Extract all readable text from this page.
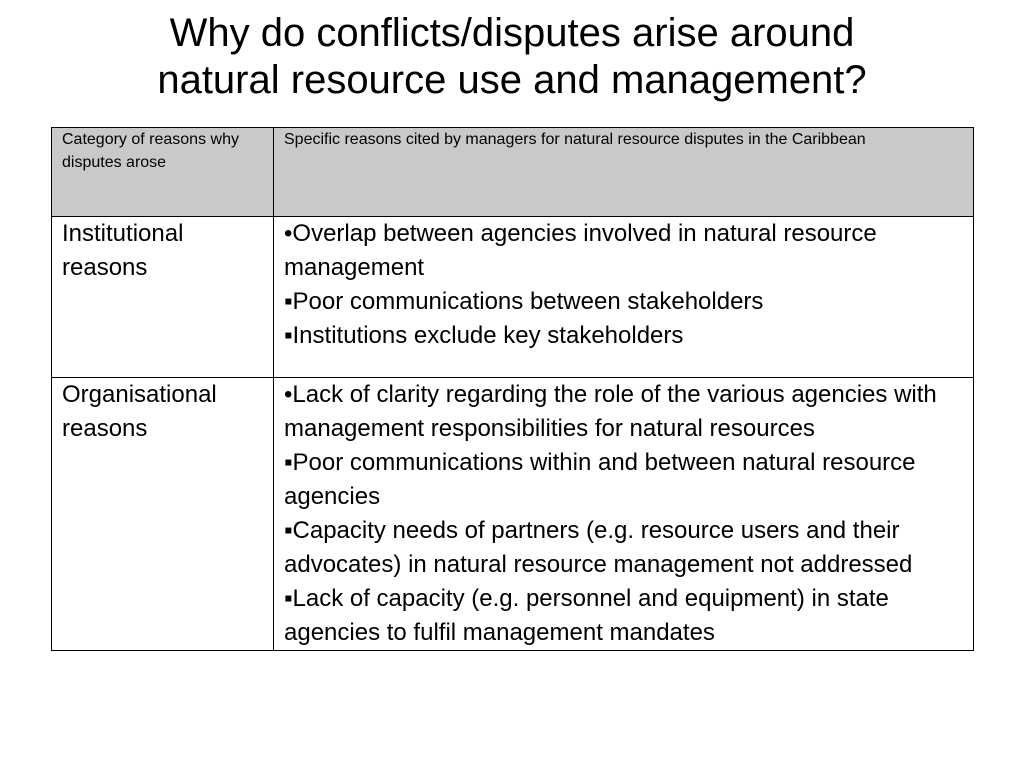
Why do conflicts/disputes arise around
natural resource use and management?
Category of reasons why disputes arose	Specific reasons cited by managers for natural resource disputes in the Caribbean
Institutional reasons	•Overlap between agencies involved in natural resource management
▪Poor communications between stakeholders
▪Institutions exclude key stakeholders

Organisational reasons	•Lack of clarity regarding the role of the various agencies with management responsibilities for natural resources
▪Poor communications within and between natural resource agencies
▪Capacity needs of partners (e.g. resource users and their advocates) in natural resource management not addressed
▪Lack of capacity (e.g. personnel and equipment) in state agencies to fulfil management mandates
